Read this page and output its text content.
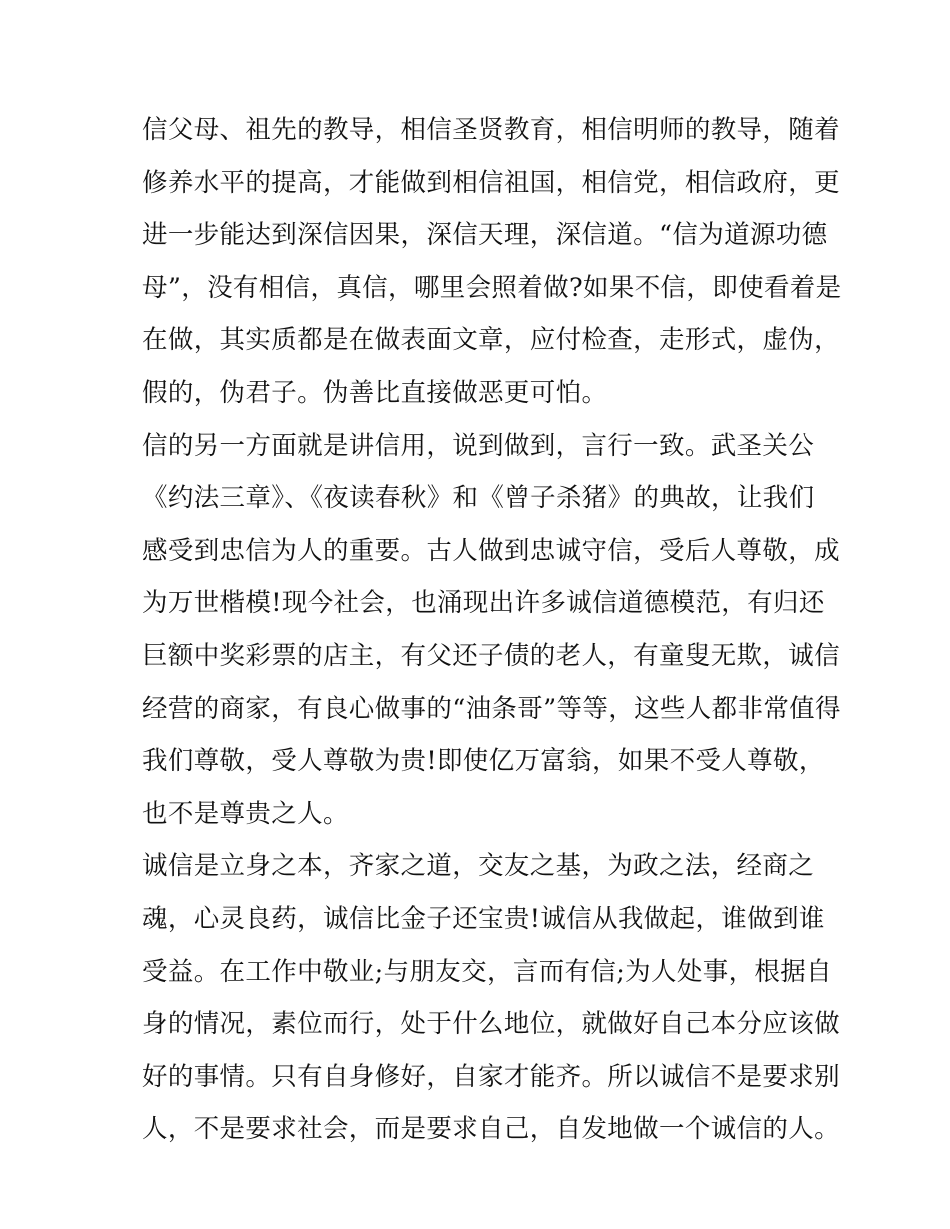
信父母、祖先的教导，相信圣贤教育，相信明师的教导，随着
修养水平的提高，才能做到相信祖国，相信党，相信政府，更
进一步能达到深信因果，深信天理，深信道。“信为道源功德
母”，没有相信，真信，哪里会照着做?如果不信，即使看着是
在做，其实质都是在做表面文章，应付检查，走形式，虚伪，
假的，伪君子。伪善比直接做恶更可怕。
信的另一方面就是讲信用，说到做到，言行一致。武圣关公
《约法三章》、《夜读春秋》和《曾子杀猪》的典故，让我们
感受到忠信为人的重要。古人做到忠诚守信，受后人尊敬，成
为万世楷模!现今社会，也涌现出许多诚信道德模范，有归还
巨额中奖彩票的店主，有父还子债的老人，有童叟无欺，诚信
经营的商家，有良心做事的“油条哥”等等，这些人都非常值得
我们尊敬，受人尊敬为贵!即使亿万富翁，如果不受人尊敬，
也不是尊贵之人。
诚信是立身之本，齐家之道，交友之基，为政之法，经商之
魂，心灵良药，诚信比金子还宝贵!诚信从我做起，谁做到谁
受益。在工作中敬业;与朋友交，言而有信;为人处事，根据自
身的情况，素位而行，处于什么地位，就做好自己本分应该做
好的事情。只有自身修好，自家才能齐。所以诚信不是要求别
人，不是要求社会，而是要求自己，自发地做一个诚信的人。
